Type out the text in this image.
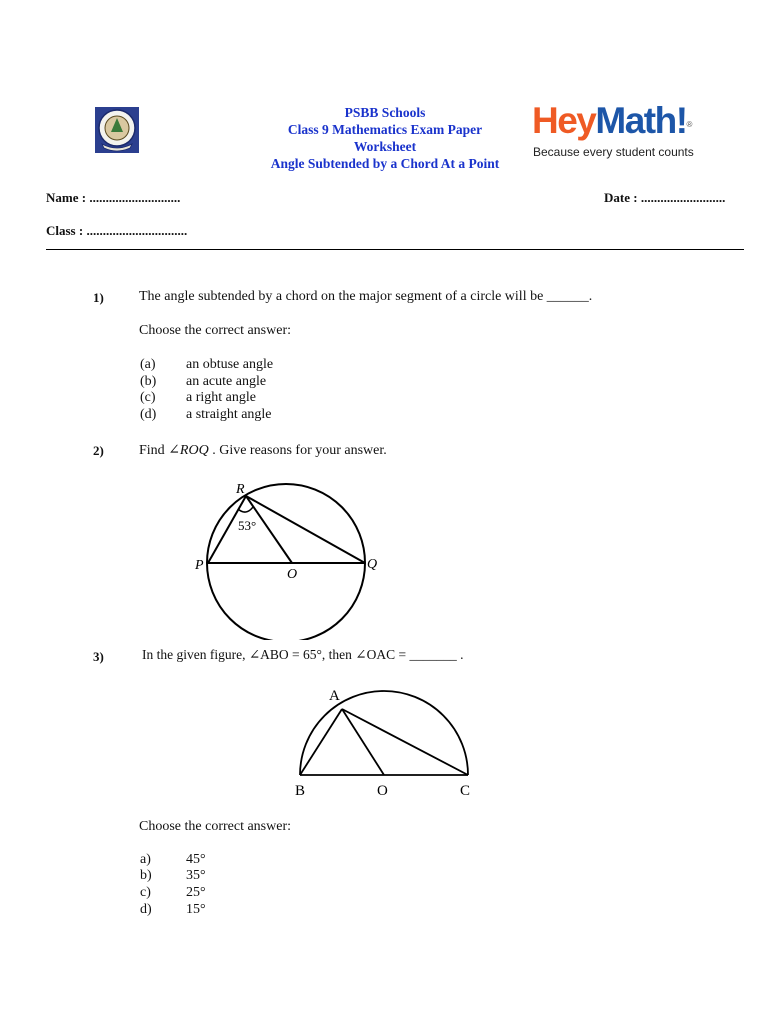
PSBB Schools
Class 9 Mathematics Exam Paper
Worksheet
Angle Subtended by a Chord At a Point
HeyMath!®
Because every student counts
Name : ............................	Date : ..........................
Class : ...............................
1)	The angle subtended by a chord on the major segment of a circle will be ______.
Choose the correct answer:
(a) an obtuse angle
(b) an acute angle
(c) a right angle
(d) a straight angle
2)	Find ∠ROQ . Give reasons for your answer.
R
P	Q
O
53°
3)	In the given figure, ∠ABO = 65°, then ∠OAC = _______ .
A
B	O	C
Choose the correct answer:
a)	45°
b) 35°
c)	25°
d) 15°
